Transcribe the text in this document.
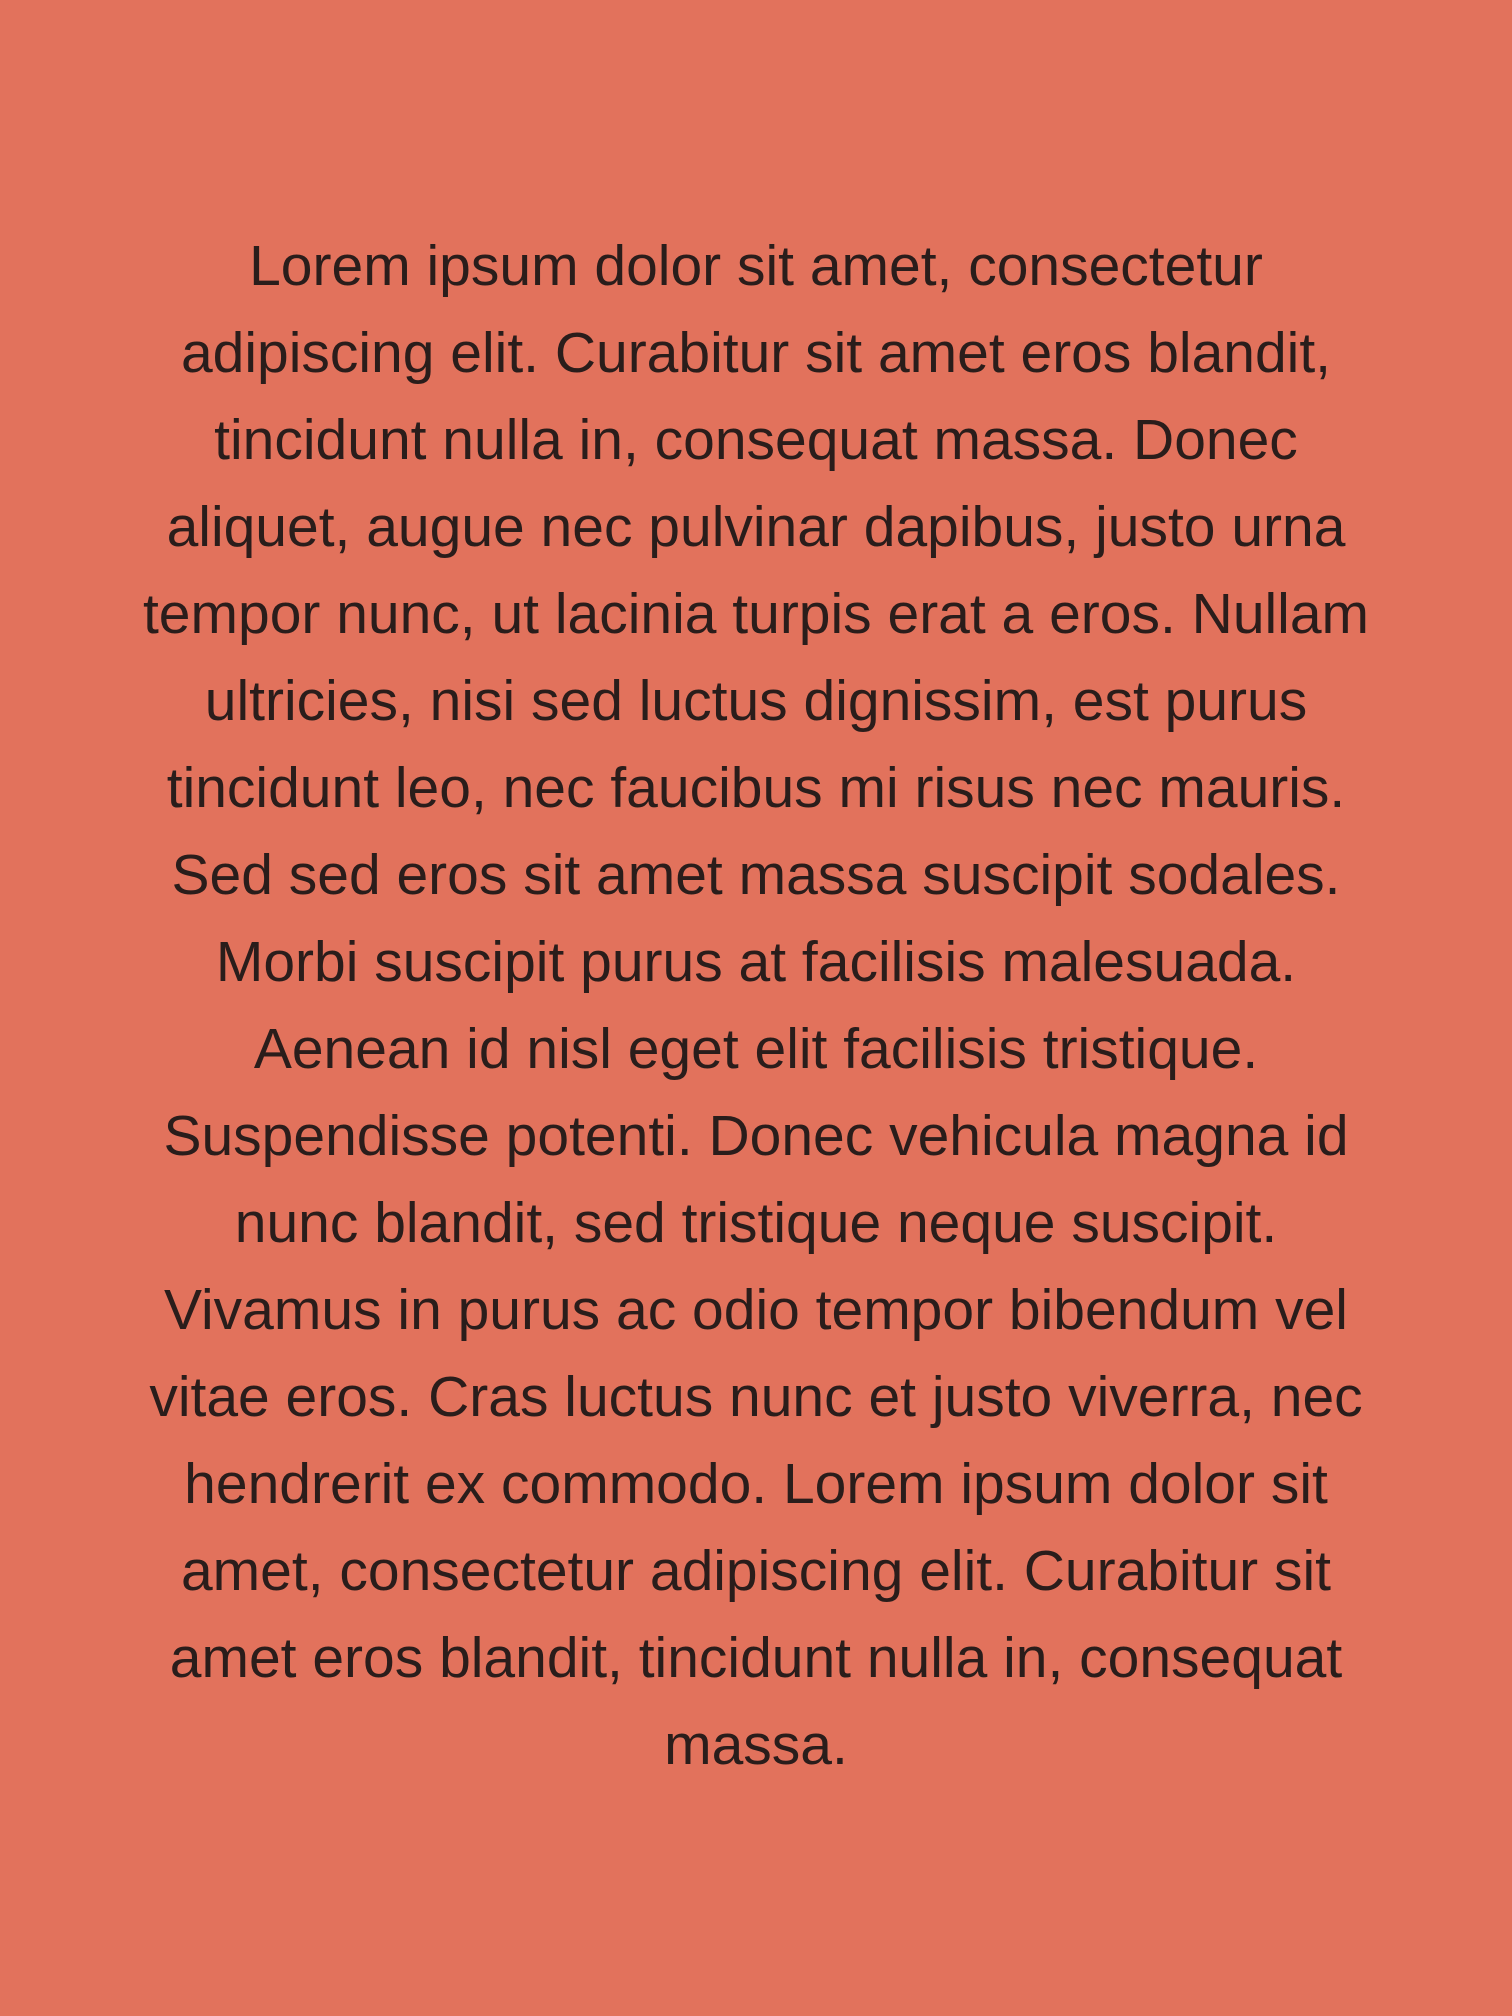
Lorem ipsum dolor sit amet, consectetur
adipiscing elit. Curabitur sit amet eros blandit,
tincidunt nulla in, consequat massa. Donec
aliquet, augue nec pulvinar dapibus, justo urna
tempor nunc, ut lacinia turpis erat a eros. Nullam
ultricies, nisi sed luctus dignissim, est purus
tincidunt leo, nec faucibus mi risus nec mauris.
Sed sed eros sit amet massa suscipit sodales.
Morbi suscipit purus at facilisis malesuada.
Aenean id nisl eget elit facilisis tristique.
Suspendisse potenti. Donec vehicula magna id
nunc blandit, sed tristique neque suscipit.
Vivamus in purus ac odio tempor bibendum vel
vitae eros. Cras luctus nunc et justo viverra, nec
hendrerit ex commodo. Lorem ipsum dolor sit
amet, consectetur adipiscing elit. Curabitur sit
amet eros blandit, tincidunt nulla in, consequat
massa.
